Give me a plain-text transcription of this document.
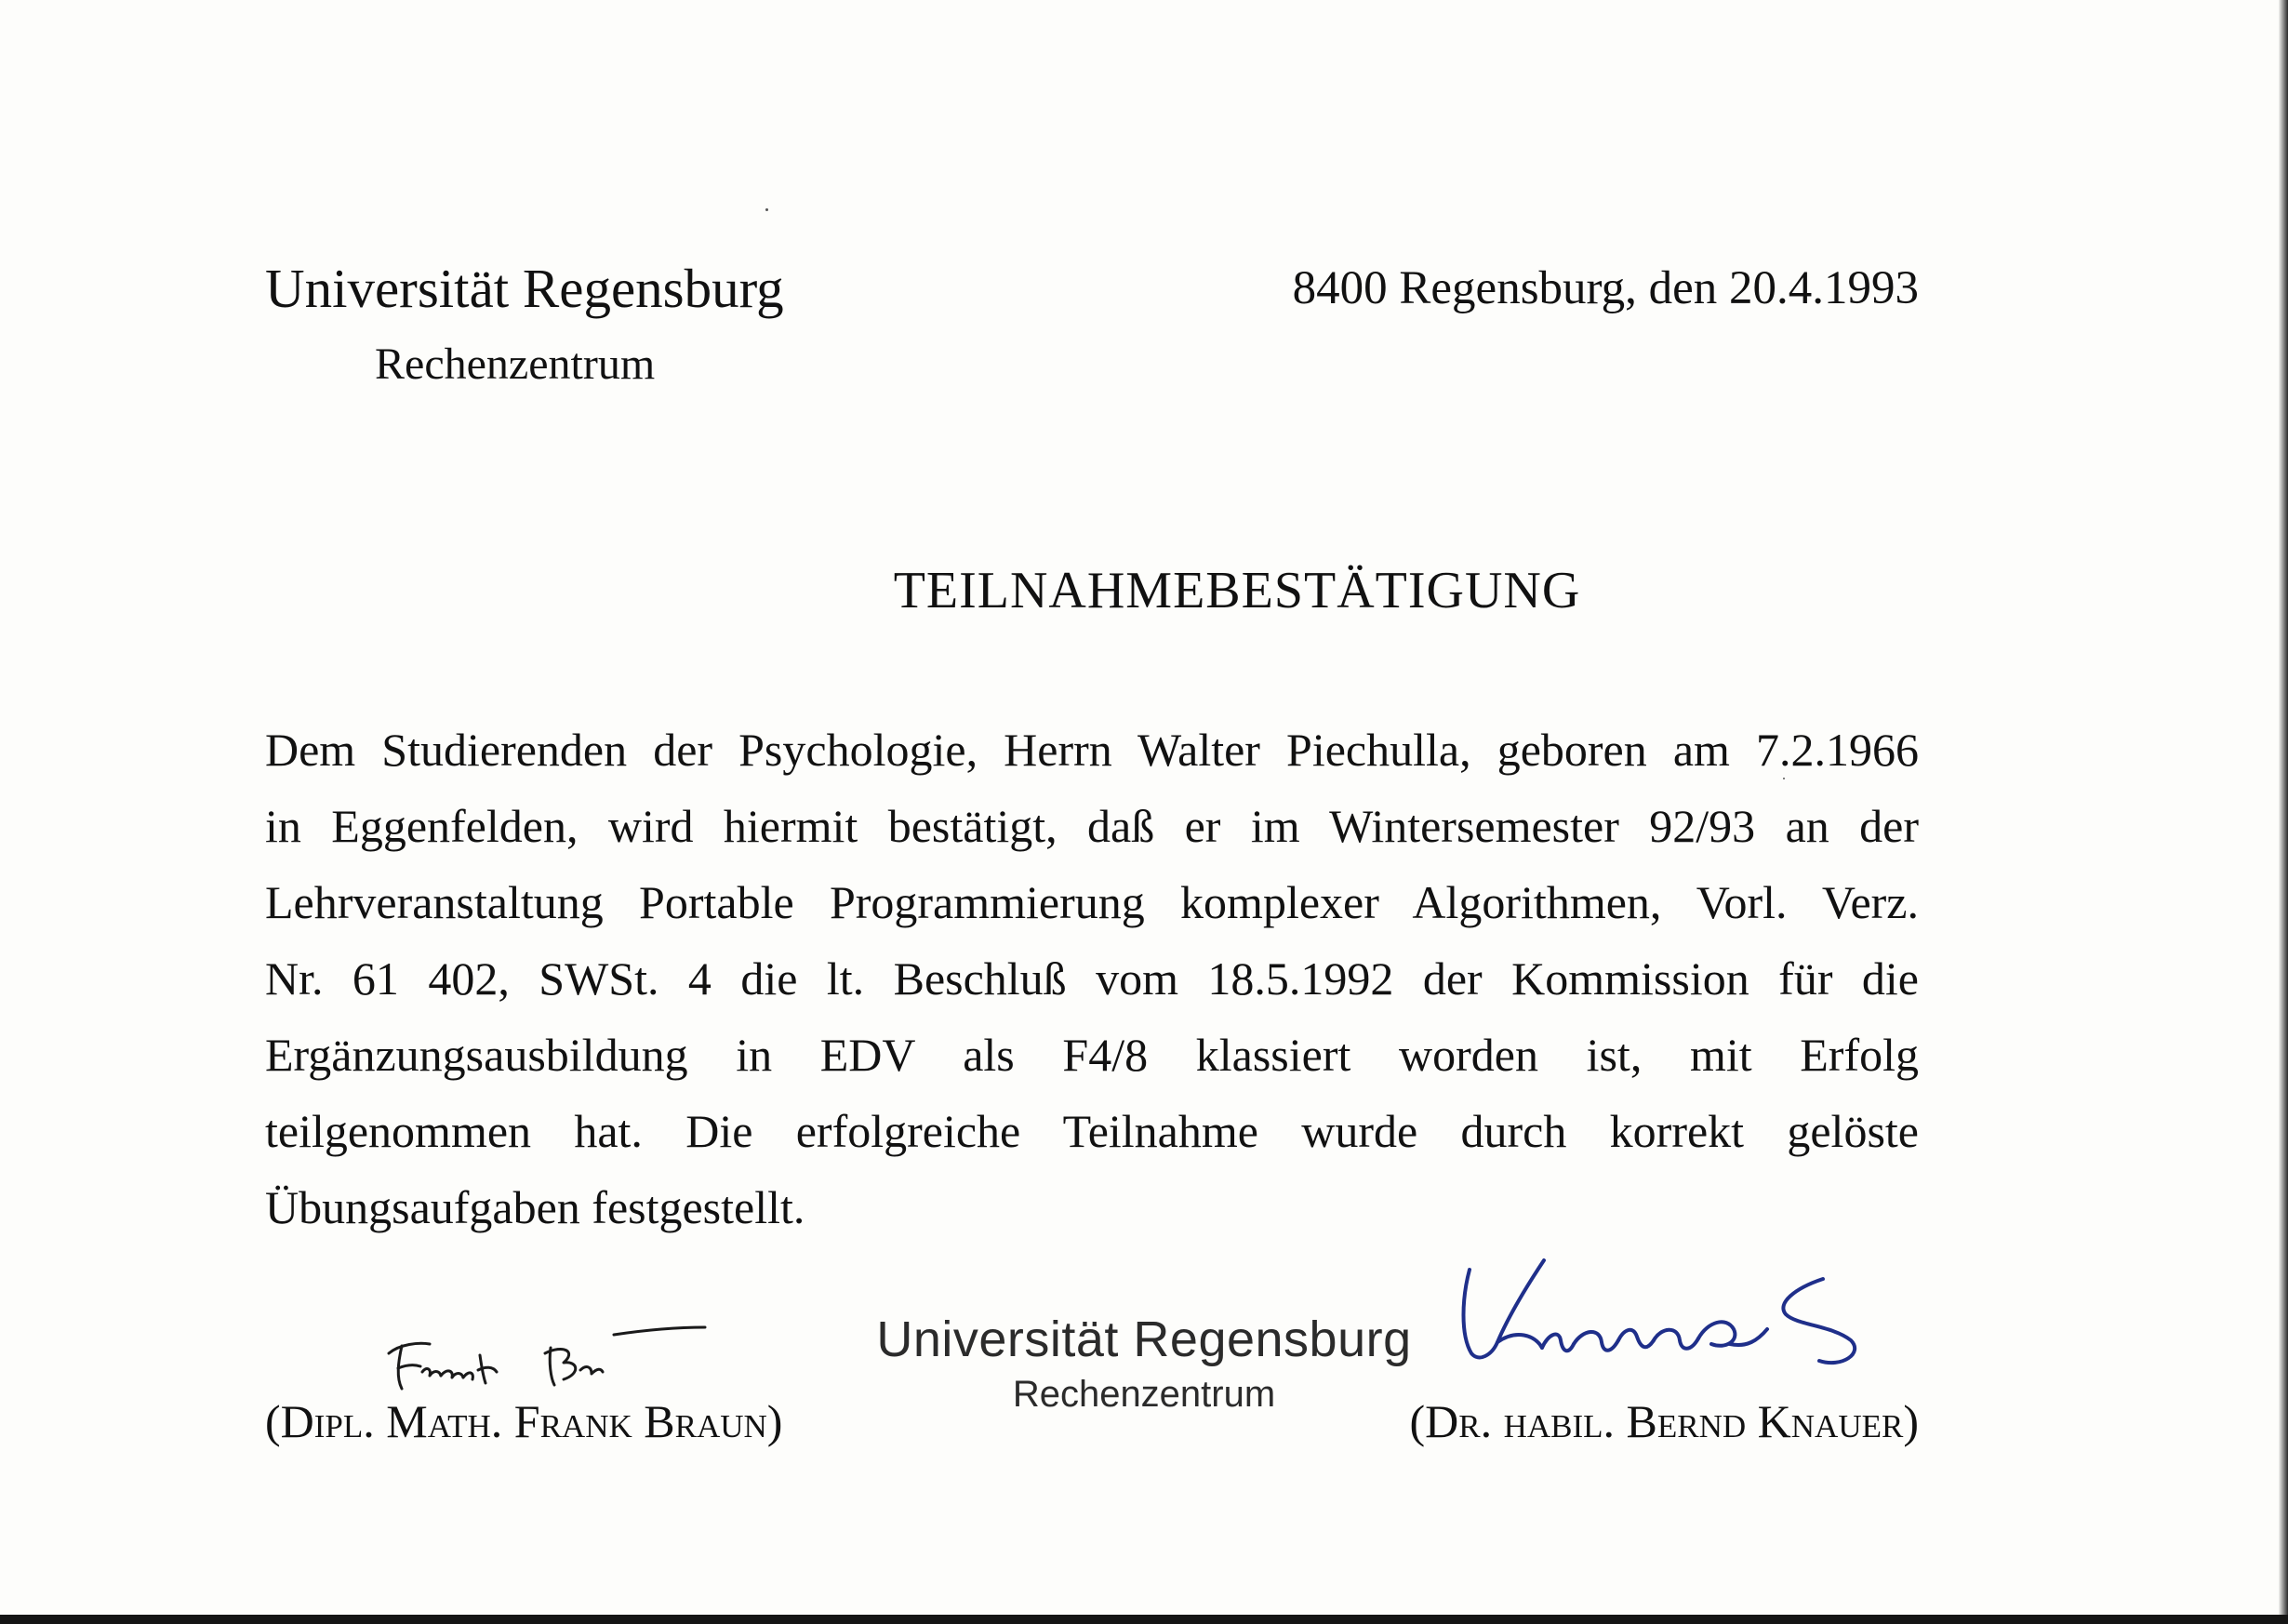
Universität Regensburg
Rechenzentrum
8400 Regensburg, den 20.4.1993
TEILNAHMEBESTÄTIGUNG
Dem Studierenden der Psychologie, Herrn Walter Piechulla, geboren am 7.2.1966
in Eggenfelden, wird hiermit bestätigt, daß er im Wintersemester 92/93 an der
Lehrveranstaltung Portable Programmierung komplexer Algorithmen, Vorl. Verz.
Nr. 61 402, SWSt. 4 die lt. Beschluß vom 18.5.1992 der Kommission für die
Ergänzungsausbildung in EDV als F4/8 klassiert worden ist, mit Erfolg
teilgenommen hat. Die erfolgreiche Teilnahme wurde durch korrekt gelöste
Übungsaufgaben festgestellt.
(Dipl. Math. Frank Braun)
Universität Regensburg
Rechenzentrum
(Dr. habil. Bernd Knauer)
